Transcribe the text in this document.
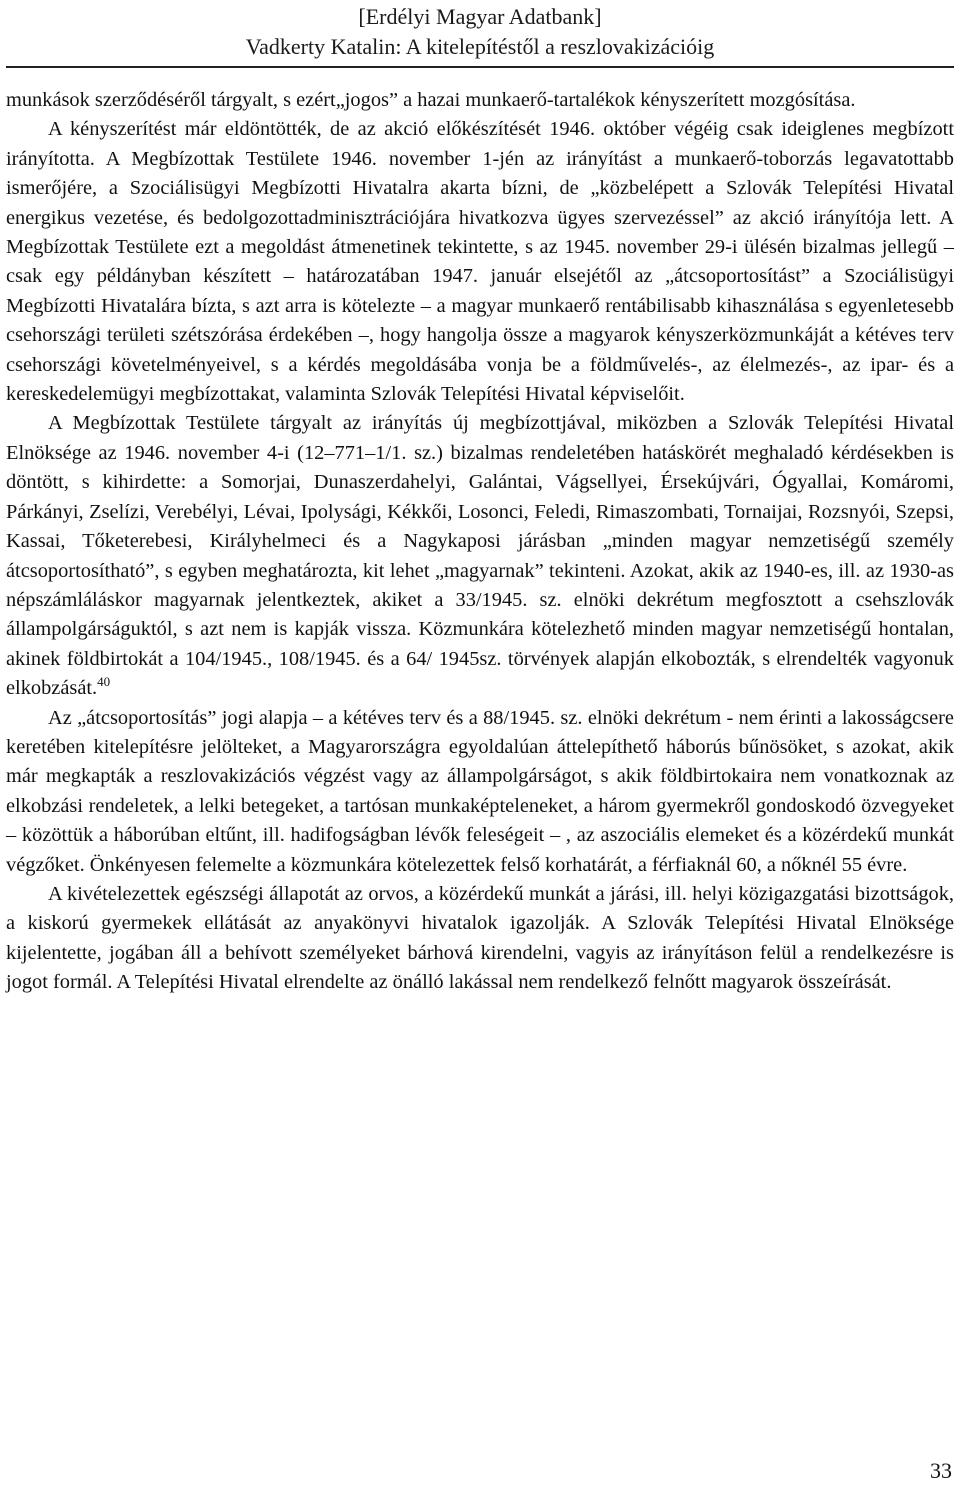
[Erdélyi Magyar Adatbank]
Vadkerty Katalin: A kitelepítéstől a reszlovakizációig

munkások szerződéséről tárgyalt, s ezért„jogos” a hazai munkaerő-tartalékok kényszerített mozgósítása.

A kényszerítést már eldöntötték, de az akció előkészítését 1946. október végéig csak ideiglenes megbízott irányította. A Megbízottak Testülete 1946. november 1-jén az irányítást a munkaerő-toborzás legavatottabb ismerőjére, a Szociálisügyi Megbízotti Hivatalra akarta bízni, de „közbelépett a Szlovák Telepítési Hivatal energikus vezetése, és bedolgozottadminisztrációjára hivatkozva ügyes szervezéssel” az akció irányítója lett. A Megbízottak Testülete ezt a megoldást átmenetinek tekintette, s az 1945. november 29-i ülésén bizalmas jellegű – csak egy példányban készített – határozatában 1947. január elsejétől az „átcsoportosítást” a Szociálisügyi Megbízotti Hivatalára bízta, s azt arra is kötelezte – a magyar munkaerő rentábilisabb kihasználása s egyenletesebb csehországi területi szétszórása érdekében –, hogy hangolja össze a magyarok kényszerközmunkáját a kétéves terv csehországi követelményeivel, s a kérdés megoldásába vonja be a földművelés-, az élelmezés-, az ipar- és a kereskedelemügyi megbízottakat, valaminta Szlovák Telepítési Hivatal képviselőit.

A Megbízottak Testülete tárgyalt az irányítás új megbízottjával, miközben a Szlovák Telepítési Hivatal Elnöksége az 1946. november 4-i (12–771–1/1. sz.) bizalmas rendeletében hatáskörét meghaladó kérdésekben is döntött, s kihirdette: a Somorjai, Dunaszerdahelyi, Galántai, Vágsellyei, Érsekújvári, Ógyallai, Komáromi, Párkányi, Zselízi, Verebélyi, Lévai, Ipolysági, Kékkői, Losonci, Feledi, Rimaszombati, Tornaijai, Rozsnyói, Szepsi, Kassai, Tőketerebesi, Királyhelmeci és a Nagykaposi járásban „minden magyar nemzetiségű személy átcsoportosítható”, s egyben meghatározta, kit lehet „magyarnak” tekinteni. Azokat, akik az 1940-es, ill. az 1930-as népszámláláskor magyarnak jelentkeztek, akiket a 33/1945. sz. elnöki dekrétum megfosztott a csehszlovák állampolgárságuktól, s azt nem is kapják vissza. Közmunkára kötelezhető minden magyar nemzetiségű hontalan, akinek földbirtokát a 104/1945., 108/1945. és a 64/ 1945sz. törvények alapján elkobozták, s elrendelték vagyonuk elkobzását.$^{40}$

Az „átcsoportosítás” jogi alapja – a kétéves terv és a 88/1945. sz. elnöki dekrétum - nem érinti a lakosságcsere keretében kitelepítésre jelölteket, a Magyarországra egyoldalúan áttelepíthető háborús bűnösöket, s azokat, akik már megkapták a reszlovakizációs végzést vagy az állampolgárságot, s akik földbirtokaira nem vonatkoznak az elkobzási rendeletek, a lelki betegeket, a tartósan munkaképteleneket, a három gyermekről gondoskodó özvegyeket – közöttük a háborúban eltűnt, ill. hadifogságban lévők feleségeit – , az aszociális elemeket és a közérdekű munkát végzőket. Önkényesen felemelte a közmunkára kötelezettek felső korhatárát, a férfiaknál 60, a nőknél 55 évre.

A kivételezettek egészségi állapotát az orvos, a közérdekű munkát a járási, ill. helyi közigazgatási bizottságok, a kiskorú gyermekek ellátását az anyakönyvi hivatalok igazolják. A Szlovák Telepítési Hivatal Elnöksége kijelentette, jogában áll a behívott személyeket bárhová kirendelni, vagyis az irányításon felül a rendelkezésre is jogot formál. A Telepítési Hivatal elrendelte az önálló lakással nem rendelkező felnőtt magyarok összeírását.

33
